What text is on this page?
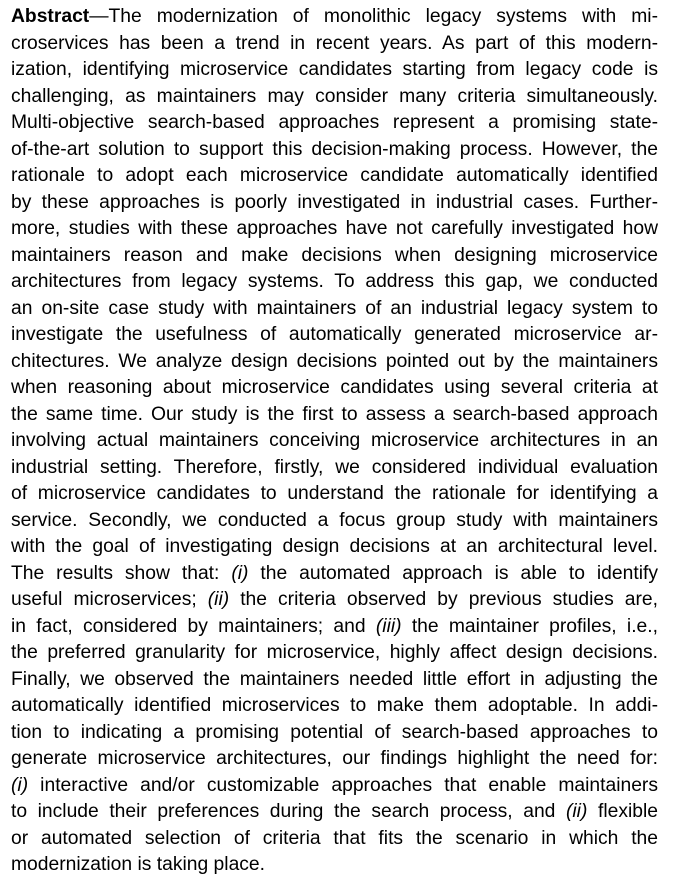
Abstract—The modernization of monolithic legacy systems with mi-
croservices has been a trend in recent years. As part of this modern-
ization, identifying microservice candidates starting from legacy code is
challenging, as maintainers may consider many criteria simultaneously.
Multi-objective search-based approaches represent a promising state-
of-the-art solution to support this decision-making process. However, the
rationale to adopt each microservice candidate automatically identified
by these approaches is poorly investigated in industrial cases. Further-
more, studies with these approaches have not carefully investigated how
maintainers reason and make decisions when designing microservice
architectures from legacy systems. To address this gap, we conducted
an on-site case study with maintainers of an industrial legacy system to
investigate the usefulness of automatically generated microservice ar-
chitectures. We analyze design decisions pointed out by the maintainers
when reasoning about microservice candidates using several criteria at
the same time. Our study is the first to assess a search-based approach
involving actual maintainers conceiving microservice architectures in an
industrial setting. Therefore, firstly, we considered individual evaluation
of microservice candidates to understand the rationale for identifying a
service. Secondly, we conducted a focus group study with maintainers
with the goal of investigating design decisions at an architectural level.
The results show that: (i) the automated approach is able to identify
useful microservices; (ii) the criteria observed by previous studies are,
in fact, considered by maintainers; and (iii) the maintainer profiles, i.e.,
the preferred granularity for microservice, highly affect design decisions.
Finally, we observed the maintainers needed little effort in adjusting the
automatically identified microservices to make them adoptable. In addi-
tion to indicating a promising potential of search-based approaches to
generate microservice architectures, our findings highlight the need for:
(i) interactive and/or customizable approaches that enable maintainers
to include their preferences during the search process, and (ii) flexible
or automated selection of criteria that fits the scenario in which the
modernization is taking place.
